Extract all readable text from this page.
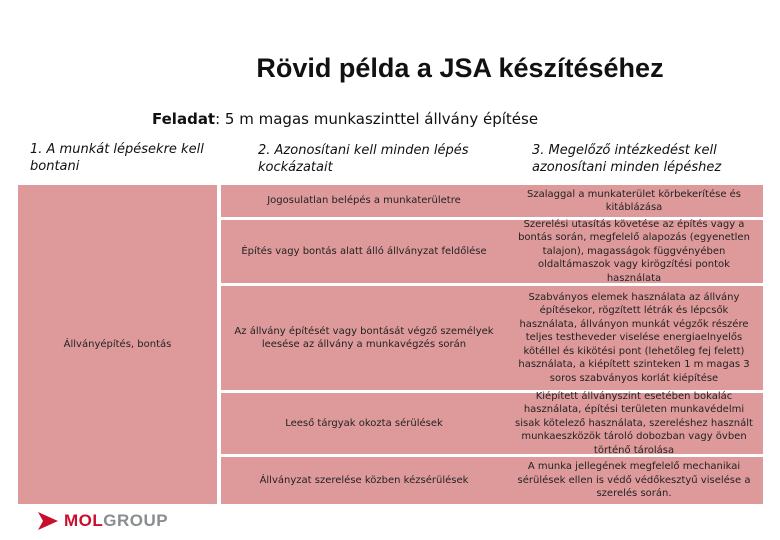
Rövid példa a JSA készítéséhez
Feladat: 5 m magas munkaszinttel állvány építése
1. A munkát lépésekre kell bontani
2. Azonosítani kell minden lépés kockázatait
3. Megelőző intézkedést kell azonosítani minden lépéshez
Állványépítés, bontás
Jogosulatlan belépés a munkaterületre
Szalaggal a munkaterület körbekerítése és kitáblázása
Építés vagy bontás alatt álló állványzat feldőlése
Szerelési utasítás követése az építés vagy a bontás során, megfelelő alapozás (egyenetlen talajon), magasságok függvényében oldaltámaszok vagy kirögzítési pontok használata
Az állvány építését vagy bontását végző személyek leesése az állvány a munkavégzés során
Szabványos elemek használata az állvány építésekor, rögzített létrák és lépcsők használata, állványon munkát végzők részére teljes testheveder viselése energiaelnyelős kötéllel és kikötési pont (lehetőleg fej felett) használata, a kiépített szinteken 1 m magas 3 soros szabványos korlát kiépítése
Leeső tárgyak okozta sérülések
Kiépített állványszint esetében bokalác használata, építési területen munkavédelmi sisak kötelező használata, szereléshez használt munkaeszközök tároló dobozban vagy övben történő tárolása
Állványzat szerelése közben kézsérülések
A munka jellegének megfelelő mechanikai sérülések ellen is védő védőkesztyű viselése a szerelés során.
MOL GROUP
